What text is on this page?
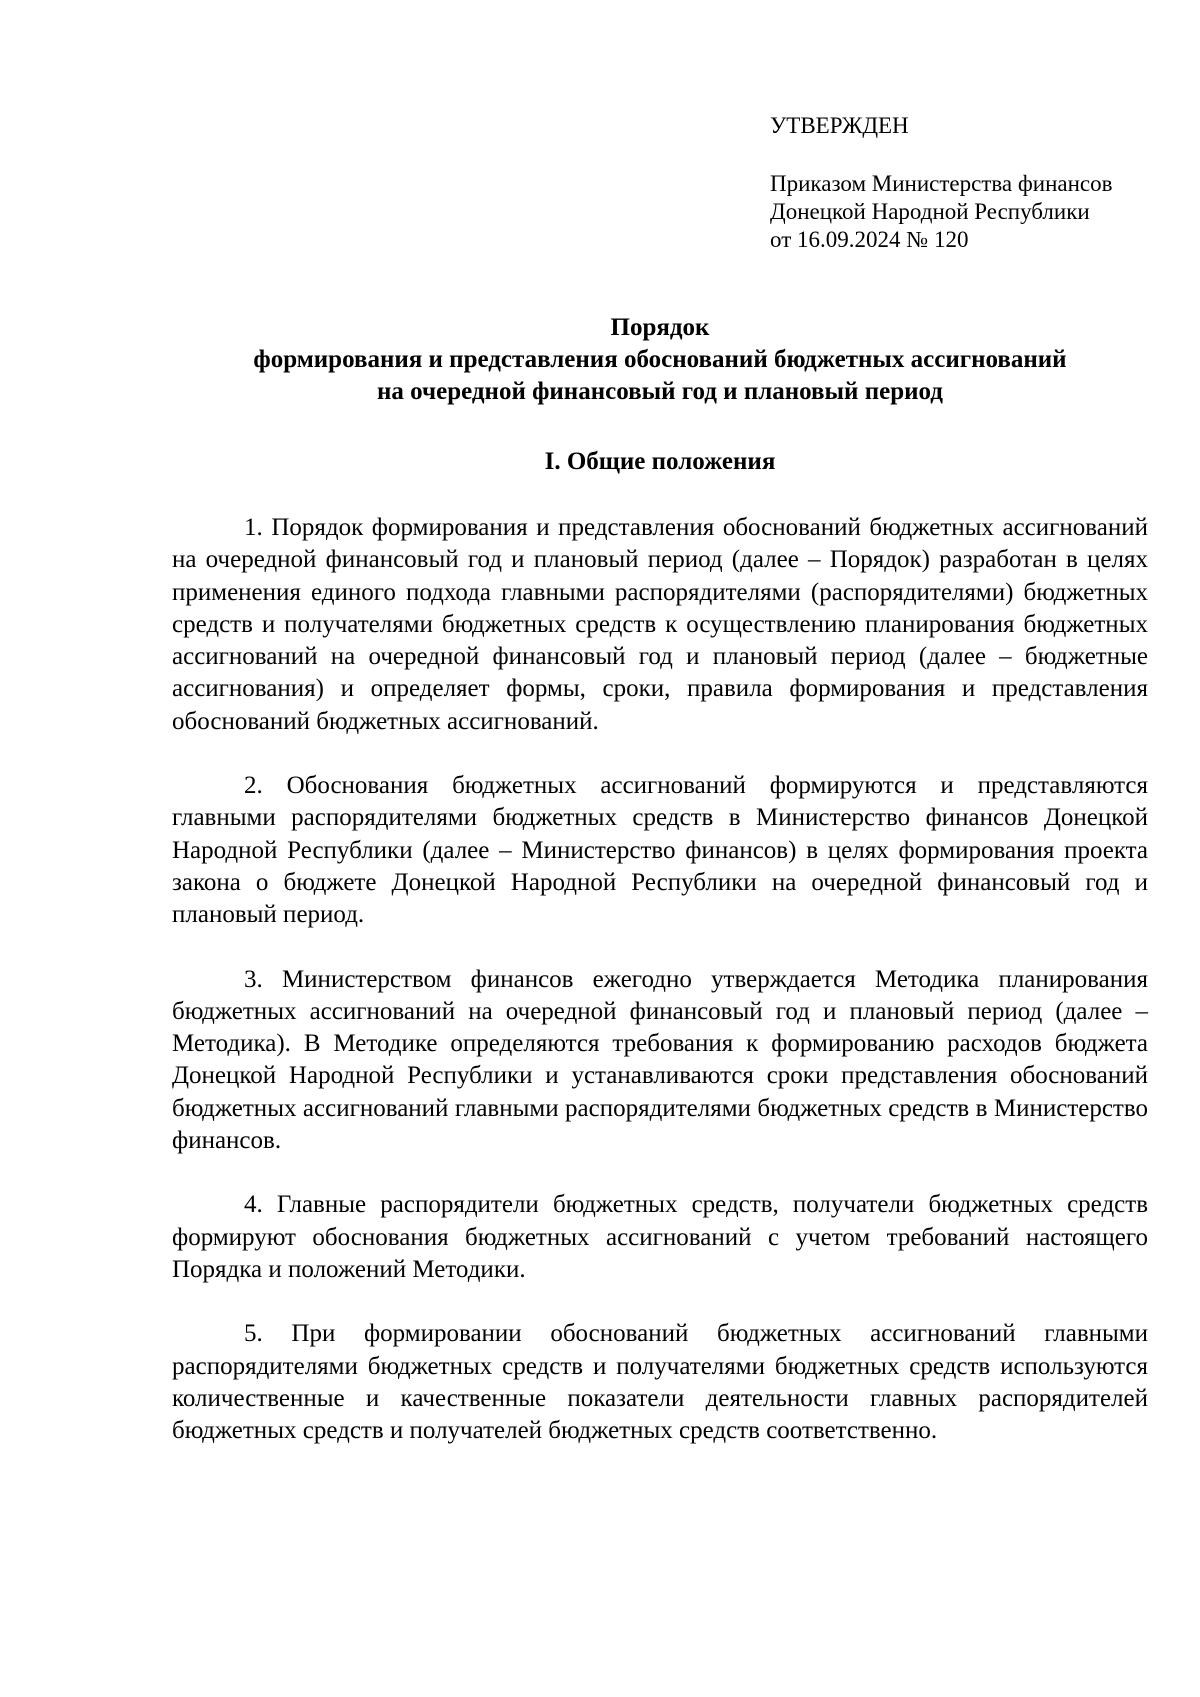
УТВЕРЖДЕН
Приказом Министерства финансов
Донецкой Народной Республики
от 16.09.2024 № 120
Порядок
формирования и представления обоснований бюджетных ассигнований
на очередной финансовый год и плановый период
I. Общие положения

1. Порядок формирования и представления обоснований бюджетных ассигнований на очередной финансовый год и плановый период (далее – Порядок) разработан в целях применения единого подхода главными распорядителями (распорядителями) бюджетных средств и получателями бюджетных средств к осуществлению планирования бюджетных ассигнований на очередной финансовый год и плановый период (далее – бюджетные ассигнования) и определяет формы, сроки, правила формирования и представления обоснований бюджетных ассигнований.

2. Обоснования бюджетных ассигнований формируются и представляются главными распорядителями бюджетных средств в Министерство финансов Донецкой Народной Республики (далее – Министерство финансов) в целях формирования проекта закона о бюджете Донецкой Народной Республики на очередной финансовый год и плановый период.

3. Министерством финансов ежегодно утверждается Методика планирования бюджетных ассигнований на очередной финансовый год и плановый период (далее – Методика). В Методике определяются требования к формированию расходов бюджета Донецкой Народной Республики и устанавливаются сроки представления обоснований бюджетных ассигнований главными распорядителями бюджетных средств в Министерство финансов.

4. Главные распорядители бюджетных средств, получатели бюджетных средств формируют обоснования бюджетных ассигнований с учетом требований настоящего Порядка и положений Методики.

5. При формировании обоснований бюджетных ассигнований главными распорядителями бюджетных средств и получателями бюджетных средств используются количественные и качественные показатели деятельности главных распорядителей бюджетных средств и получателей бюджетных средств соответственно.
